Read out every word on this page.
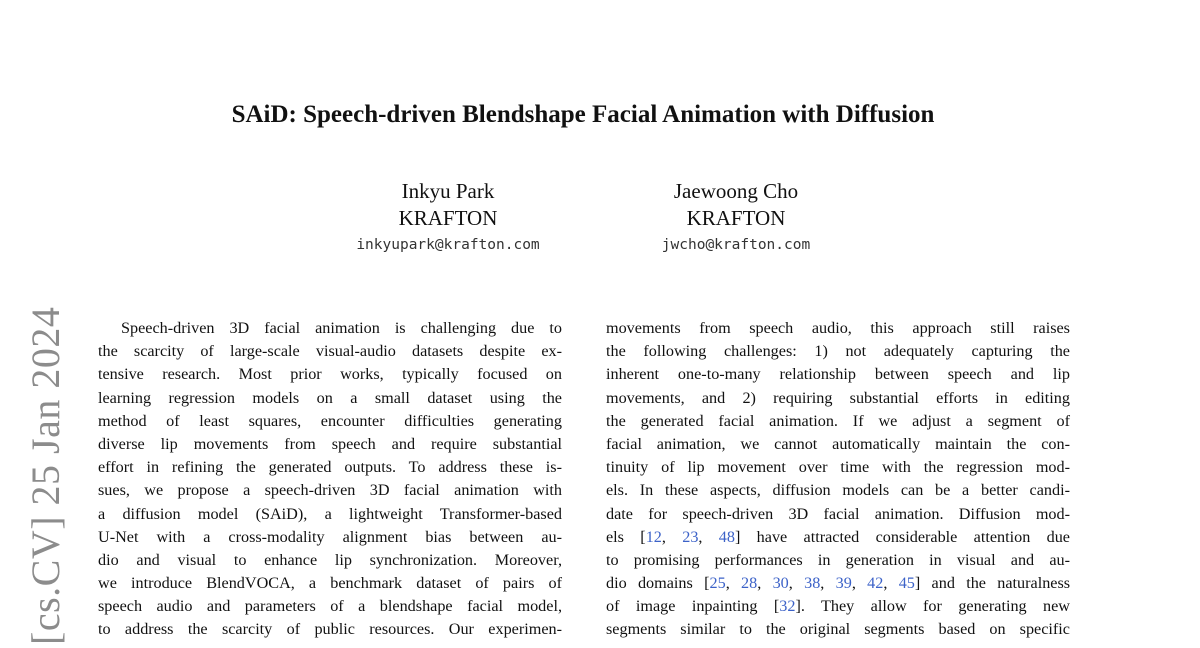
[cs.CV] 25 Jan 2024
SAiD: Speech-driven Blendshape Facial Animation with Diffusion
Inkyu Park
KRAFTON
inkyupark@krafton.com
Jaewoong Cho
KRAFTON
jwcho@krafton.com
Speech-driven 3D facial animation is challenging due to
the scarcity of large-scale visual-audio datasets despite ex-
tensive research. Most prior works, typically focused on
learning regression models on a small dataset using the
method of least squares, encounter difficulties generating
diverse lip movements from speech and require substantial
effort in refining the generated outputs. To address these is-
sues, we propose a speech-driven 3D facial animation with
a diffusion model (SAiD), a lightweight Transformer-based
U-Net with a cross-modality alignment bias between au-
dio and visual to enhance lip synchronization. Moreover,
we introduce BlendVOCA, a benchmark dataset of pairs of
speech audio and parameters of a blendshape facial model,
to address the scarcity of public resources. Our experimen-
movements from speech audio, this approach still raises
the following challenges: 1) not adequately capturing the
inherent one-to-many relationship between speech and lip
movements, and 2) requiring substantial efforts in editing
the generated facial animation. If we adjust a segment of
facial animation, we cannot automatically maintain the con-
tinuity of lip movement over time with the regression mod-
els. In these aspects, diffusion models can be a better candi-
date for speech-driven 3D facial animation. Diffusion mod-
els [12, 23, 48] have attracted considerable attention due
to promising performances in generation in visual and au-
dio domains [25, 28, 30, 38, 39, 42, 45] and the naturalness
of image inpainting [32]. They allow for generating new
segments similar to the original segments based on specific
